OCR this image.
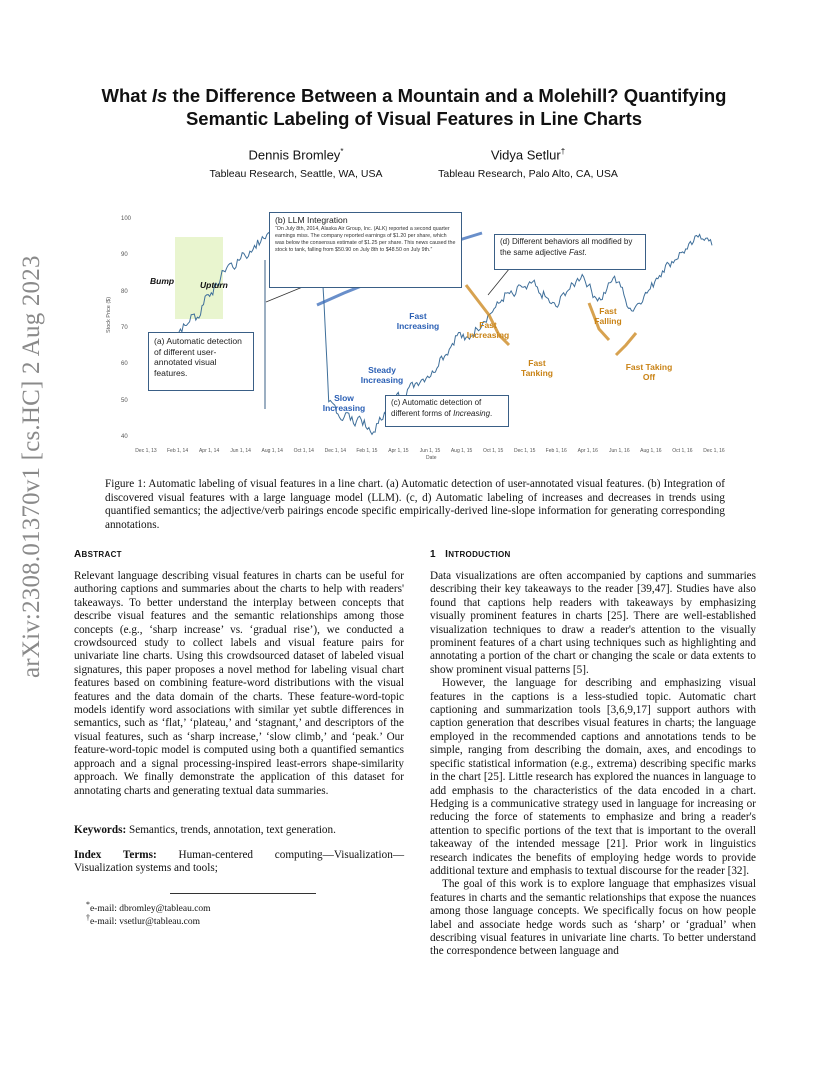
arXiv:2308.01370v1 [cs.HC] 2 Aug 2023
What Is the Difference Between a Mountain and a Molehill? Quantifying Semantic Labeling of Visual Features in Line Charts
Dennis Bromley*
Tableau Research, Seattle, WA, USA
Vidya Setlur†
Tableau Research, Palo Alto, CA, USA
Dec 1, 13 Feb 1, 14 Apr 1, 14 Jun 1, 14 Aug 1, 14 Oct 1, 14 Dec 1, 14 Feb 1, 15 Apr 1, 15 Jun 1, 15 Aug 1, 15 Oct 1, 15 Dec 1, 15 Feb 1, 16 Apr 1, 16 Jun 1, 16 Aug 1, 16 Oct 1, 16 Dec 1, 16
100
90
80
70
60
50
40
Stock Price ($)
Date
(a) Automatic detection of different user-annotated visual features.
(b) LLM Integration
“On July 8th, 2014, Alaska Air Group, Inc. (ALK) reported a second quarter earnings miss. The company reported earnings of $1.20 per share, which was below the consensus estimate of $1.25 per share. This news caused the stock to tank, falling from $50.90 on July 8th to $48.50 on July 9th.”
(c) Automatic detection of different forms of Increasing.
(d) Different behaviors all modified by the same adjective Fast.
Bump	Upturn
Slow Increasing
Steady Increasing
Fast Increasing	Fast Increasing
Fast Tanking
Fast Falling
Fast Taking Off
Figure 1: Automatic labeling of visual features in a line chart. (a) Automatic detection of user-annotated visual features. (b) Integration of discovered visual features with a large language model (LLM). (c, d) Automatic labeling of increases and decreases in trends using quantified semantics; the adjective/verb pairings encode specific empirically-derived line-slope information for generating corresponding annotations.
ABSTRACT

Relevant language describing visual features in charts can be useful for authoring captions and summaries about the charts to help with readers' takeaways. To better understand the interplay between concepts that describe visual features and the semantic relationships among those concepts (e.g., ‘sharp increase’ vs. ‘gradual rise’), we conducted a crowdsourced study to collect labels and visual feature pairs for univariate line charts. Using this crowdsourced dataset of labeled visual signatures, this paper proposes a novel method for labeling visual chart features based on combining feature-word distributions with the visual features and the data domain of the charts. These feature-word-topic models identify word associations with similar yet subtle differences in semantics, such as ‘flat,’ ‘plateau,’ and ‘stagnant,’ and descriptors of the visual features, such as ‘sharp increase,’ ‘slow climb,’ and ‘peak.’ Our feature-word-topic model is computed using both a quantified semantics approach and a signal processing-inspired least-errors shape-similarity approach. We finally demonstrate the application of this dataset for annotating charts and generating textual data summaries.

Keywords: Semantics, trends, annotation, text generation.
Index Terms: Human-centered computing—Visualization—Visualization systems and tools;
*e-mail: dbromley@tableau.com
†e-mail: vsetlur@tableau.com
1 INTRODUCTION

Data visualizations are often accompanied by captions and summaries describing their key takeaways to the reader [39,47]. Studies have also found that captions help readers with takeaways by emphasizing visually prominent features in charts [25]. There are well-established visualization techniques to draw a reader's attention to the visually prominent features of a chart using techniques such as highlighting and annotating a portion of the chart or changing the scale or data extents to show prominent visual patterns [5].

However, the language for describing and emphasizing visual features in the captions is a less-studied topic. Automatic chart captioning and summarization tools [3,6,9,17] support authors with caption generation that describes visual features in charts; the language employed in the recommended captions and annotations tends to be simple, ranging from describing the domain, axes, and encodings to specific statistical information (e.g., extrema) describing specific marks in the chart [25]. Little research has explored the nuances in language to add emphasis to the characteristics of the data encoded in a chart. Hedging is a communicative strategy used in language for increasing or reducing the force of statements to emphasize and bring a reader's attention to specific portions of the text that is important to the overall takeaway of the intended message [21]. Prior work in linguistics research indicates the benefits of employing hedge words to provide additional texture and emphasis to textual discourse for the reader [32].

The goal of this work is to explore language that emphasizes visual features in charts and the semantic relationships that expose the nuances among those language concepts. We specifically focus on how people label and associate hedge words such as ‘sharp’ or ‘gradual’ when describing visual features in univariate line charts. To better understand the correspondence between language and
